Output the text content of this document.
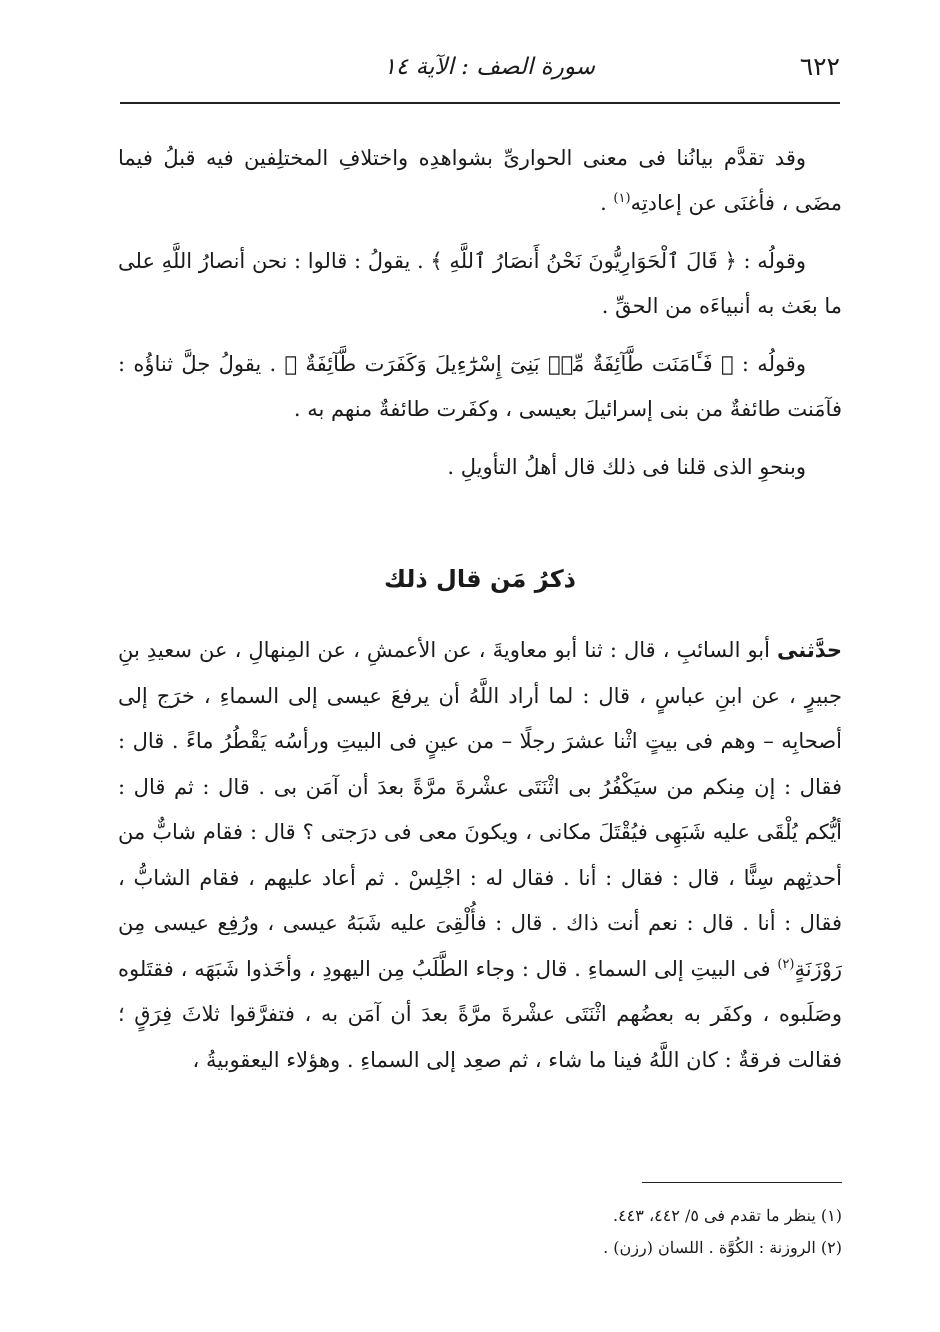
٦٢٢
سورة الصف : الآية ١٤

وقد تقدَّم بيانُنا فى معنى الحوارىِّ بشواهدِه واختلافِ المختلِفين فيه قبلُ فيما مضَى ، فأغنَى عن إعادتِه$^{(١)}$ .

وقولُه : ﴿ قَالَ ٱلْحَوَارِيُّونَ نَحْنُ أَنصَارُ ٱللَّهِ ﴾ . يقولُ : قالوا : نحن أنصارُ اللَّهِ على ما بعَث به أنبياءَه من الحقِّ .

وقولُه : ﴿ فَـَٔامَنَت طَّآئِفَةٌ مِّنۢ بَنِىٓ إِسْرَٰٓءِيلَ وَكَفَرَت طَّآئِفَةٌ ﴾ . يقولُ جلَّ ثناؤُه : فآمَنت طائفةٌ من بنى إسرائيلَ بعيسى ، وكفَرت طائفةٌ منهم به .

وبنحوِ الذى قلنا فى ذلك قال أهلُ التأويلِ .

ذكرُ مَن قال ذلك

حدَّثنى أبو السائبِ ، قال : ثنا أبو معاويةَ ، عن الأعمشِ ، عن المِنهالِ ، عن سعيدِ بنِ جبيرٍ ، عن ابنِ عباسٍ ، قال : لما أراد اللَّهُ أن يرفعَ عيسى إلى السماءِ ، خرَج إلى أصحابِه – وهم فى بيتٍ اثْنا عشرَ رجلًا – من عينٍ فى البيتِ ورأسُه يَقْطُرُ ماءً . قال : فقال : إن مِنكم من سيَكْفُرُ بى اثْنَتَى عشْرةَ مرَّةً بعدَ أن آمَن بى . قال : ثم قال : أيُّكم يُلْقَى عليه شَبَهِى فيُقْتَلَ مكانى ، ويكونَ معى فى درَجتى ؟ قال : فقام شابٌّ من أحدثِهم سِنًّا ، قال : فقال : أنا . فقال له : اجْلِسْ . ثم أعاد عليهم ، فقام الشابُّ ، فقال : أنا . قال : نعم أنت ذاك . قال : فأُلْقِىَ عليه شَبَهُ عيسى ، ورُفِع عيسى مِن رَوْزَنَةٍ$^{(٢)}$ فى البيتِ إلى السماءِ . قال : وجاء الطَّلَبُ مِن اليهودِ ، وأخَذوا شَبَهَه ، فقتَلوه وصَلَبوه ، وكفَر به بعضُهم اثْنَتَى عشْرةَ مرَّةً بعدَ أن آمَن به ، فتفرَّقوا ثلاثَ فِرَقٍ ؛ فقالت فرقةٌ : كان اللَّهُ فينا ما شاء ، ثم صعِد إلى السماءِ . وهؤلاء اليعقوبيةُ ،

(١) ينظر ما تقدم فى ٥/ ٤٤٢، ٤٤٣.

(٢) الروزنة : الكُوَّة . اللسان (رزن) .
